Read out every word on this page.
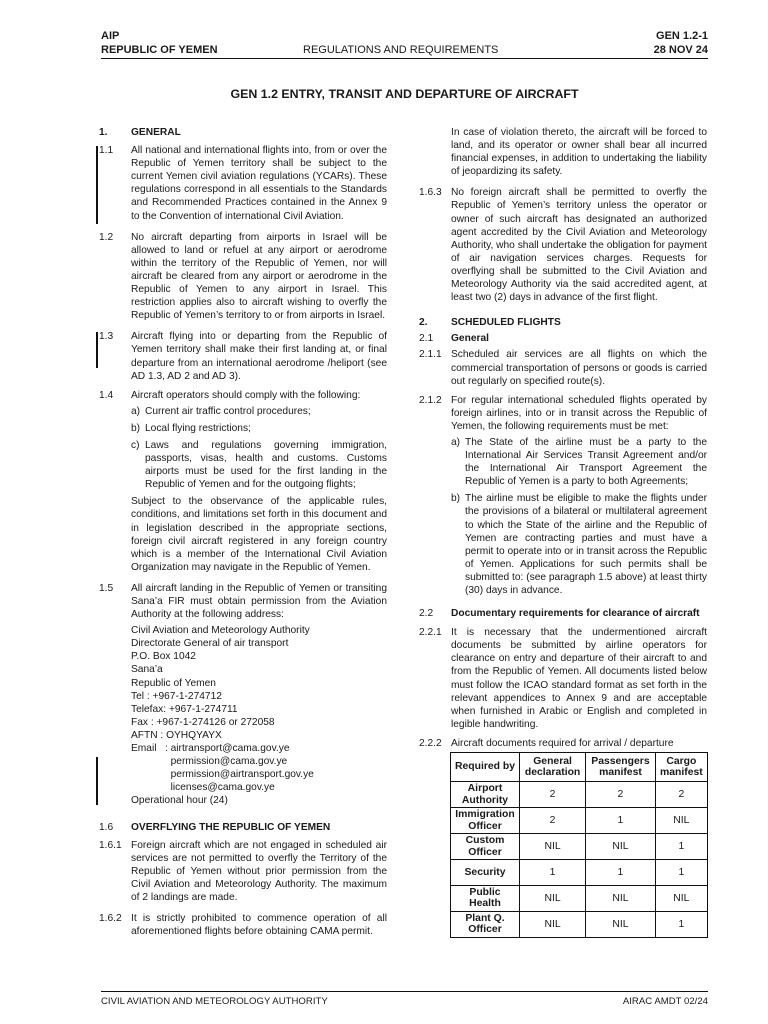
AIP	GEN 1.2-1
REPUBLIC OF YEMEN	REGULATIONS AND REQUIREMENTS	28 NOV 24
GEN 1.2 ENTRY, TRANSIT AND DEPARTURE OF AIRCRAFT
1.	GENERAL
1.1	All national and international flights into, from or over the Republic of Yemen territory shall be subject to the current Yemen civil aviation regulations (YCARs). These regulations correspond in all essentials to the Standards and Recommended Practices contained in the Annex 9 to the Convention of international Civil Aviation.
1.2	No aircraft departing from airports in Israel will be allowed to land or refuel at any airport or aerodrome within the territory of the Republic of Yemen, nor will aircraft be cleared from any airport or aerodrome in the Republic of Yemen to any airport in Israel. This restriction applies also to aircraft wishing to overfly the Republic of Yemen’s territory to or from airports in Israel.
1.3	Aircraft flying into or departing from the Republic of Yemen territory shall make their first landing at, or final departure from an international aerodrome /heliport (see AD 1.3, AD 2 and AD 3).
1.4	Aircraft operators should comply with the following:
a) Current air traffic control procedures;
b) Local flying restrictions;
c) Laws and regulations governing immigration, passports, visas, health and customs. Customs airports must be used for the first landing in the Republic of Yemen and for the outgoing flights;
Subject to the observance of the applicable rules, conditions, and limitations set forth in this document and in legislation described in the appropriate sections, foreign civil aircraft registered in any foreign country which is a member of the International Civil Aviation Organization may navigate in the Republic of Yemen.
1.5	All aircraft landing in the Republic of Yemen or transiting Sana’a FIR must obtain permission from the Aviation Authority at the following address:
Civil Aviation and Meteorology Authority
Directorate General of air transport
P.O. Box 1042
Sana’a
Republic of Yemen
Tel : +967-1-274712
Telefax: +967-1-274711
Fax : +967-1-274126 or 272058
AFTN : OYHQYAYX
Email   : airtransport@cama.gov.ye
permission@cama.gov.ye
permission@airtransport.gov.ye
licenses@cama.gov.ye
Operational hour (24)
1.6	OVERFLYING THE REPUBLIC OF YEMEN
1.6.1 Foreign aircraft which are not engaged in scheduled air services are not permitted to overfly the Territory of the Republic of Yemen without prior permission from the Civil Aviation and Meteorology Authority. The maximum of 2 landings are made.
1.6.2 It is strictly prohibited to commence operation of all aforementioned flights before obtaining CAMA permit.
In case of violation thereto, the aircraft will be forced to land, and its operator or owner shall bear all incurred financial expenses, in addition to undertaking the liability of jeopardizing its safety.
1.6.3 No foreign aircraft shall be permitted to overfly the Republic of Yemen’s territory unless the operator or owner of such aircraft has designated an authorized agent accredited by the Civil Aviation and Meteorology Authority, who shall undertake the obligation for payment of air navigation services charges. Requests for overflying shall be submitted to the Civil Aviation and Meteorology Authority via the said accredited agent, at least two (2) days in advance of the first flight.
2.	SCHEDULED FLIGHTS
2.1	General
2.1.1 Scheduled air services are all flights on which the commercial transportation of persons or goods is carried out regularly on specified route(s).
2.1.2 For regular international scheduled flights operated by foreign airlines, into or in transit across the Republic of Yemen, the following requirements must be met:
a) The State of the airline must be a party to the International Air Services Transit Agreement and/or the International Air Transport Agreement the Republic of Yemen is a party to both Agreements;
b) The airline must be eligible to make the flights under the provisions of a bilateral or multilateral agreement to which the State of the airline and the Republic of Yemen are contracting parties and must have a permit to operate into or in transit across the Republic of Yemen. Applications for such permits shall be submitted to: (see paragraph 1.5 above) at least thirty (30) days in advance.
2.2	Documentary requirements for clearance of aircraft
2.2.1 It is necessary that the undermentioned aircraft documents be submitted by airline operators for clearance on entry and departure of their aircraft to and from the Republic of Yemen. All documents listed below must follow the ICAO standard format as set forth in the relevant appendices to Annex 9 and are acceptable when furnished in Arabic or English and completed in legible handwriting.
2.2.2 Aircraft documents required for arrival / departure
Required by	General declaration	Passengers manifest	Cargo manifest
Airport Authority	2	2	2
Immigration Officer	2	1	NIL
Custom Officer	NIL	NIL	1
Security	1	1	1
Public Health	NIL	NIL	NIL
Plant Q. Officer	NIL	NIL	1
CIVIL AVIATION AND METEOROLOGY AUTHORITY	AIRAC AMDT 02/24
